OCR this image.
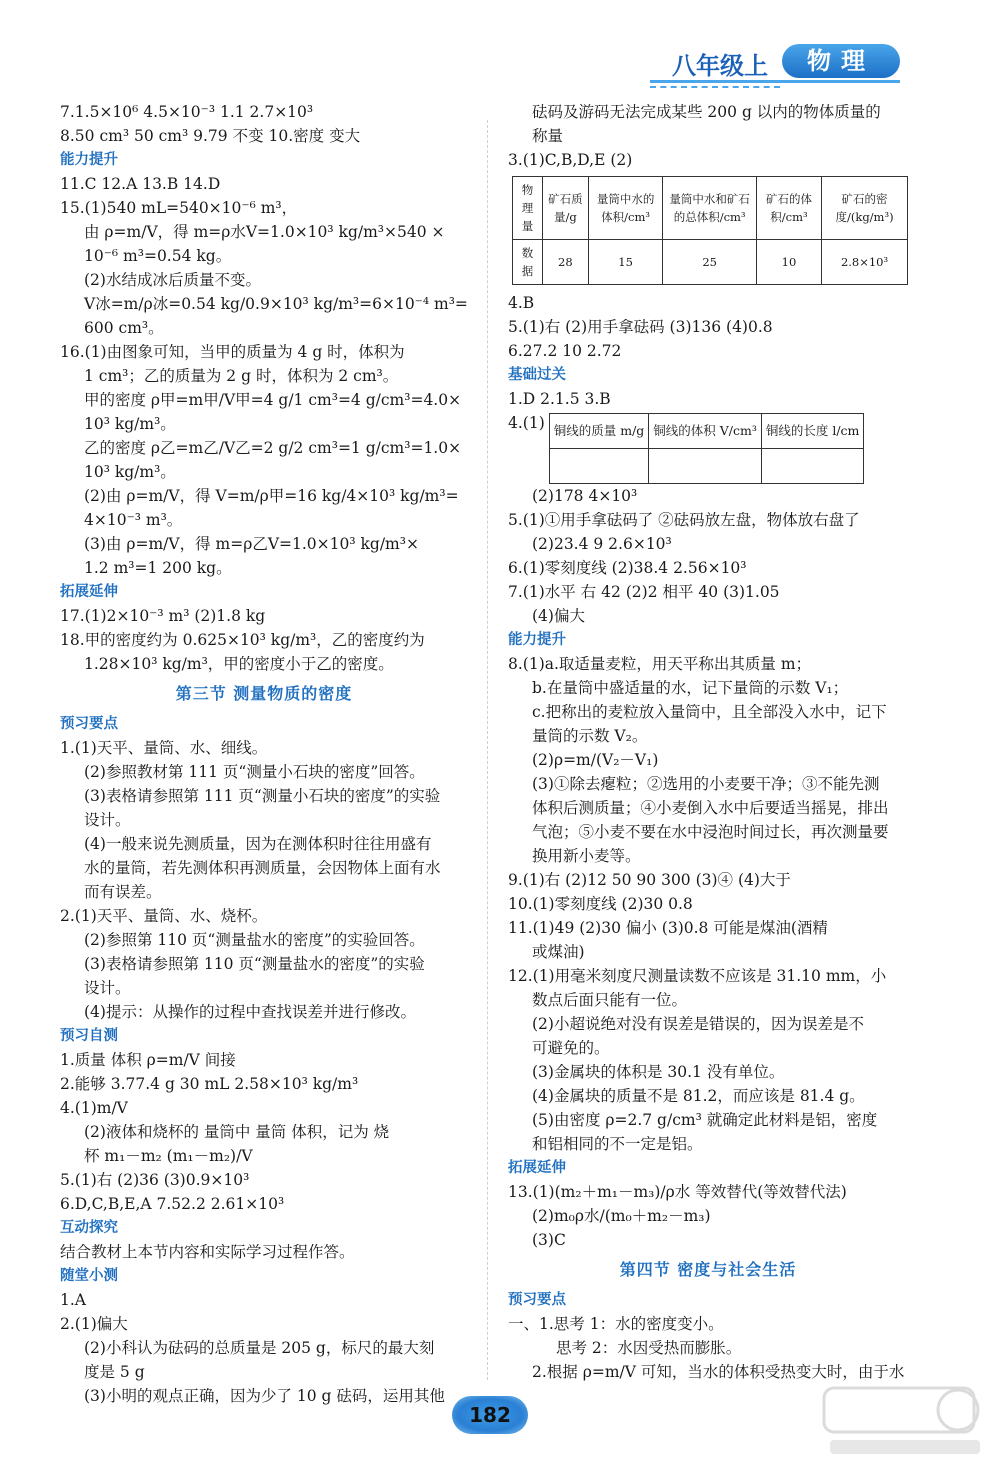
八年级上	物理
7.1.5×10⁶ 4.5×10⁻³ 1.1 2.7×10³
8.50 cm³ 50 cm³ 9.79 不变 10.密度 变大
能力提升
11.C 12.A 13.B 14.D
15.(1)540 mL=540×10⁻⁶ m³，
由 ρ=m/V，得 m=ρ水V=1.0×10³ kg/m³×540 ×
10⁻⁶ m³=0.54 kg。
(2)水结成冰后质量不变。
V冰=m/ρ冰=0.54 kg/0.9×10³ kg/m³=6×10⁻⁴ m³=
600 cm³。
16.(1)由图象可知，当甲的质量为 4 g 时，体积为
1 cm³；乙的质量为 2 g 时，体积为 2 cm³。
甲的密度 ρ甲=m甲/V甲=4 g/1 cm³=4 g/cm³=4.0×
10³ kg/m³。
乙的密度 ρ乙=m乙/V乙=2 g/2 cm³=1 g/cm³=1.0×
10³ kg/m³。
(2)由 ρ=m/V，得 V=m/ρ甲=16 kg/4×10³ kg/m³=
4×10⁻³ m³。
(3)由 ρ=m/V，得 m=ρ乙V=1.0×10³ kg/m³×
1.2 m³=1 200 kg。
拓展延伸
17.(1)2×10⁻³ m³ (2)1.8 kg
18.甲的密度约为 0.625×10³ kg/m³，乙的密度约为
1.28×10³ kg/m³，甲的密度小于乙的密度。
第三节 测量物质的密度
预习要点
1.(1)天平、量筒、水、细线。
(2)参照教材第 111 页“测量小石块的密度”回答。
(3)表格请参照第 111 页“测量小石块的密度”的实验
设计。
(4)一般来说先测质量，因为在测体积时往往用盛有
水的量筒，若先测体积再测质量，会因物体上面有水
而有误差。
2.(1)天平、量筒、水、烧杯。
(2)参照第 110 页“测量盐水的密度”的实验回答。
(3)表格请参照第 110 页“测量盐水的密度”的实验
设计。
(4)提示：从操作的过程中查找误差并进行修改。
预习自测
1.质量 体积 ρ=m/V 间接
2.能够 3.77.4 g 30 mL 2.58×10³ kg/m³
4.(1)m/V
(2)液体和烧杯的 量筒中 量筒 体积，记为 烧
杯 m₁－m₂ (m₁－m₂)/V
5.(1)右 (2)36 (3)0.9×10³
6.D,C,B,E,A 7.52.2 2.61×10³
互动探究
结合教材上本节内容和实际学习过程作答。
随堂小测
1.A
2.(1)偏大
(2)小科认为砝码的总质量是 205 g，标尺的最大刻
度是 5 g
(3)小明的观点正确，因为少了 10 g 砝码，运用其他
砝码及游码无法完成某些 200 g 以内的物体质量的
称量
3.(1)C,B,D,E (2)
物理量	矿石质量/g	量筒中水的体积/cm³	量筒中水和矿石的总体积/cm³	矿石的体积/cm³	矿石的密度/(kg/m³)
数据	28	15	25	10	2.8×10³
4.B
5.(1)右 (2)用手拿砝码 (3)136 (4)0.8
6.27.2 10 2.72
基础过关
1.D 2.1.5 3.B
4.(1) 铜线的质量 m/g	铜线的体积 V/cm³	铜线的长度 l/cm

(2)178 4×10³
5.(1)①用手拿砝码了 ②砝码放左盘，物体放右盘了
(2)23.4 9 2.6×10³
6.(1)零刻度线 (2)38.4 2.56×10³
7.(1)水平 右 42 (2)2 相平 40 (3)1.05
(4)偏大
能力提升
8.(1)a.取适量麦粒，用天平称出其质量 m；
b.在量筒中盛适量的水，记下量筒的示数 V₁；
c.把称出的麦粒放入量筒中，且全部没入水中，记下
量筒的示数 V₂。
(2)ρ=m/(V₂－V₁)
(3)①除去瘪粒；②选用的小麦要干净；③不能先测
体积后测质量；④小麦倒入水中后要适当摇晃，排出
气泡；⑤小麦不要在水中浸泡时间过长，再次测量要
换用新小麦等。
9.(1)右 (2)12 50 90 300 (3)④ (4)大于
10.(1)零刻度线 (2)30 0.8
11.(1)49 (2)30 偏小 (3)0.8 可能是煤油(酒精
或煤油)
12.(1)用毫米刻度尺测量读数不应该是 31.10 mm，小
数点后面只能有一位。
(2)小超说绝对没有误差是错误的，因为误差是不
可避免的。
(3)金属块的体积是 30.1 没有单位。
(4)金属块的质量不是 81.2，而应该是 81.4 g。
(5)由密度 ρ=2.7 g/cm³ 就确定此材料是铝，密度
和铝相同的不一定是铝。
拓展延伸
13.(1)(m₂＋m₁－m₃)/ρ水 等效替代(等效替代法)
(2)m₀ρ水/(m₀＋m₂－m₃)
(3)C
第四节 密度与社会生活
预习要点
一、1.思考 1：水的密度变小。
思考 2：水因受热而膨胀。
2.根据 ρ=m/V 可知，当水的体积受热变大时，由于水
182
